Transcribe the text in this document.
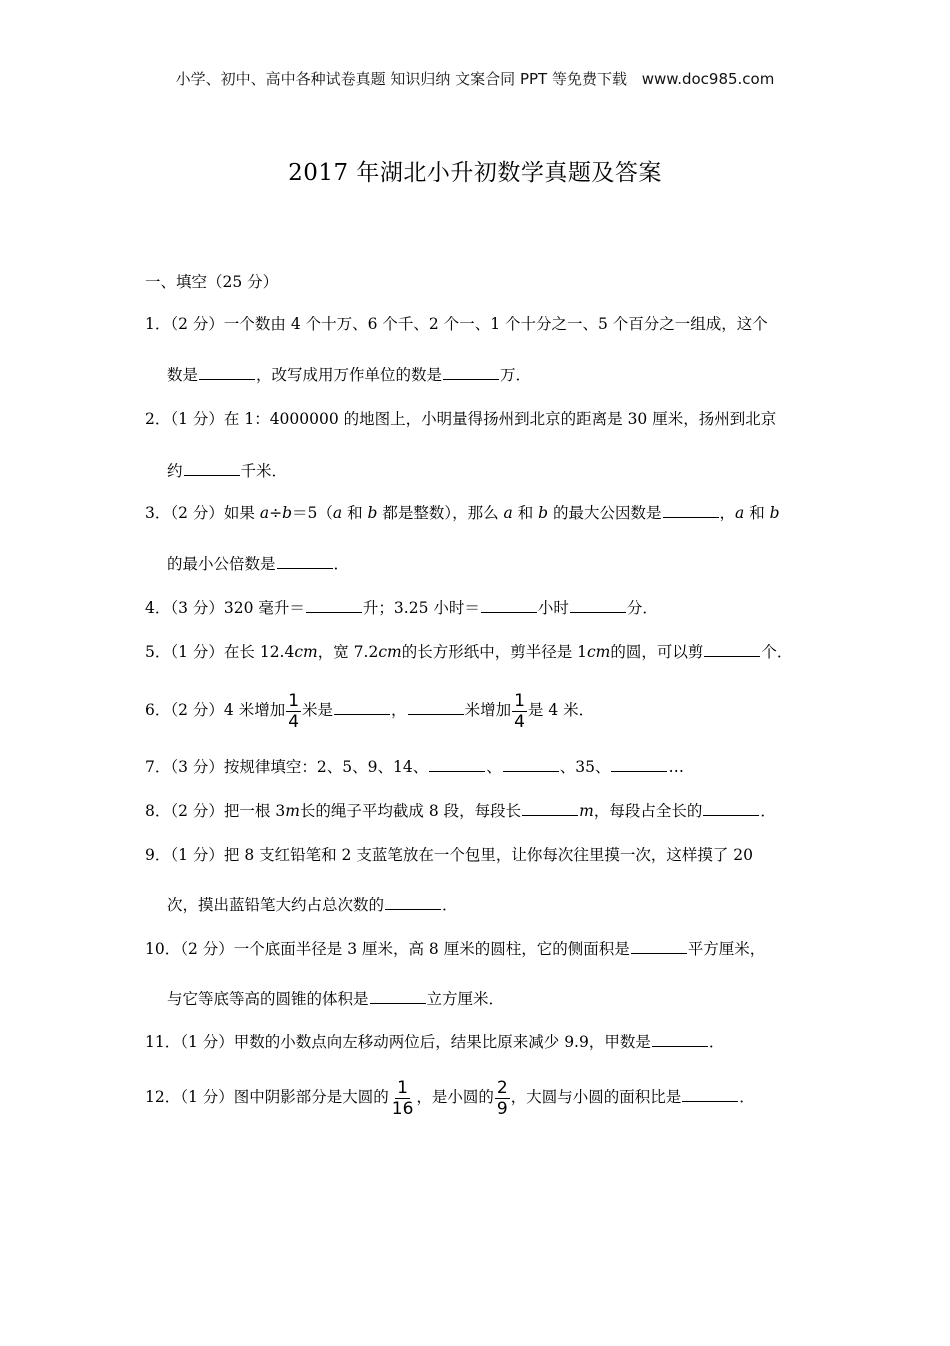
小学、初中、高中各种试卷真题 知识归纳 文案合同 PPT 等免费下载 www.doc985.com
2017 年湖北小升初数学真题及答案
一、填空（25 分）
1．（2 分）一个数由 4 个十万、6 个千、2 个一、1 个十分之一、5 个百分之一组成，这个
数是	，改写成用万作单位的数是	万．
2．（1 分）在 1：4000000 的地图上，小明量得扬州到北京的距离是 30 厘米，扬州到北京
约	千米．
3．（2 分）如果 a÷b＝5（a 和 b 都是整数），那么 a 和 b 的最大公因数是	，a 和 b
的最小公倍数是	．
4．（3 分）320 毫升＝	升；3.25 小时＝	小时	分．
5．（1 分）在长 12.4cm，宽 7.2cm的长方形纸中，剪半径是 1cm的圆，可以剪	个．
6．（2 分）4 米增加 $\frac{1}{4}$ 米是	，	米增加 $\frac{1}{4}$ 是 4 米．
7．（3 分）按规律填空：2、5、9、14、	、	、35、	…
8．（2 分）把一根 3m长的绳子平均截成 8 段，每段长	m，每段占全长的	．
9．（1 分）把 8 支红铅笔和 2 支蓝笔放在一个包里，让你每次往里摸一次，这样摸了 20
次，摸出蓝铅笔大约占总次数的	．
10．（2 分）一个底面半径是 3 厘米，高 8 厘米的圆柱，它的侧面积是	平方厘米，
与它等底等高的圆锥的体积是	立方厘米．
11．（1 分）甲数的小数点向左移动两位后，结果比原来减少 9.9，甲数是	．
12．（1 分）图中阴影部分是大圆的 $\frac{1}{16}$ ，是小圆的 $\frac{2}{9}$ ，大圆与小圆的面积比是	．
